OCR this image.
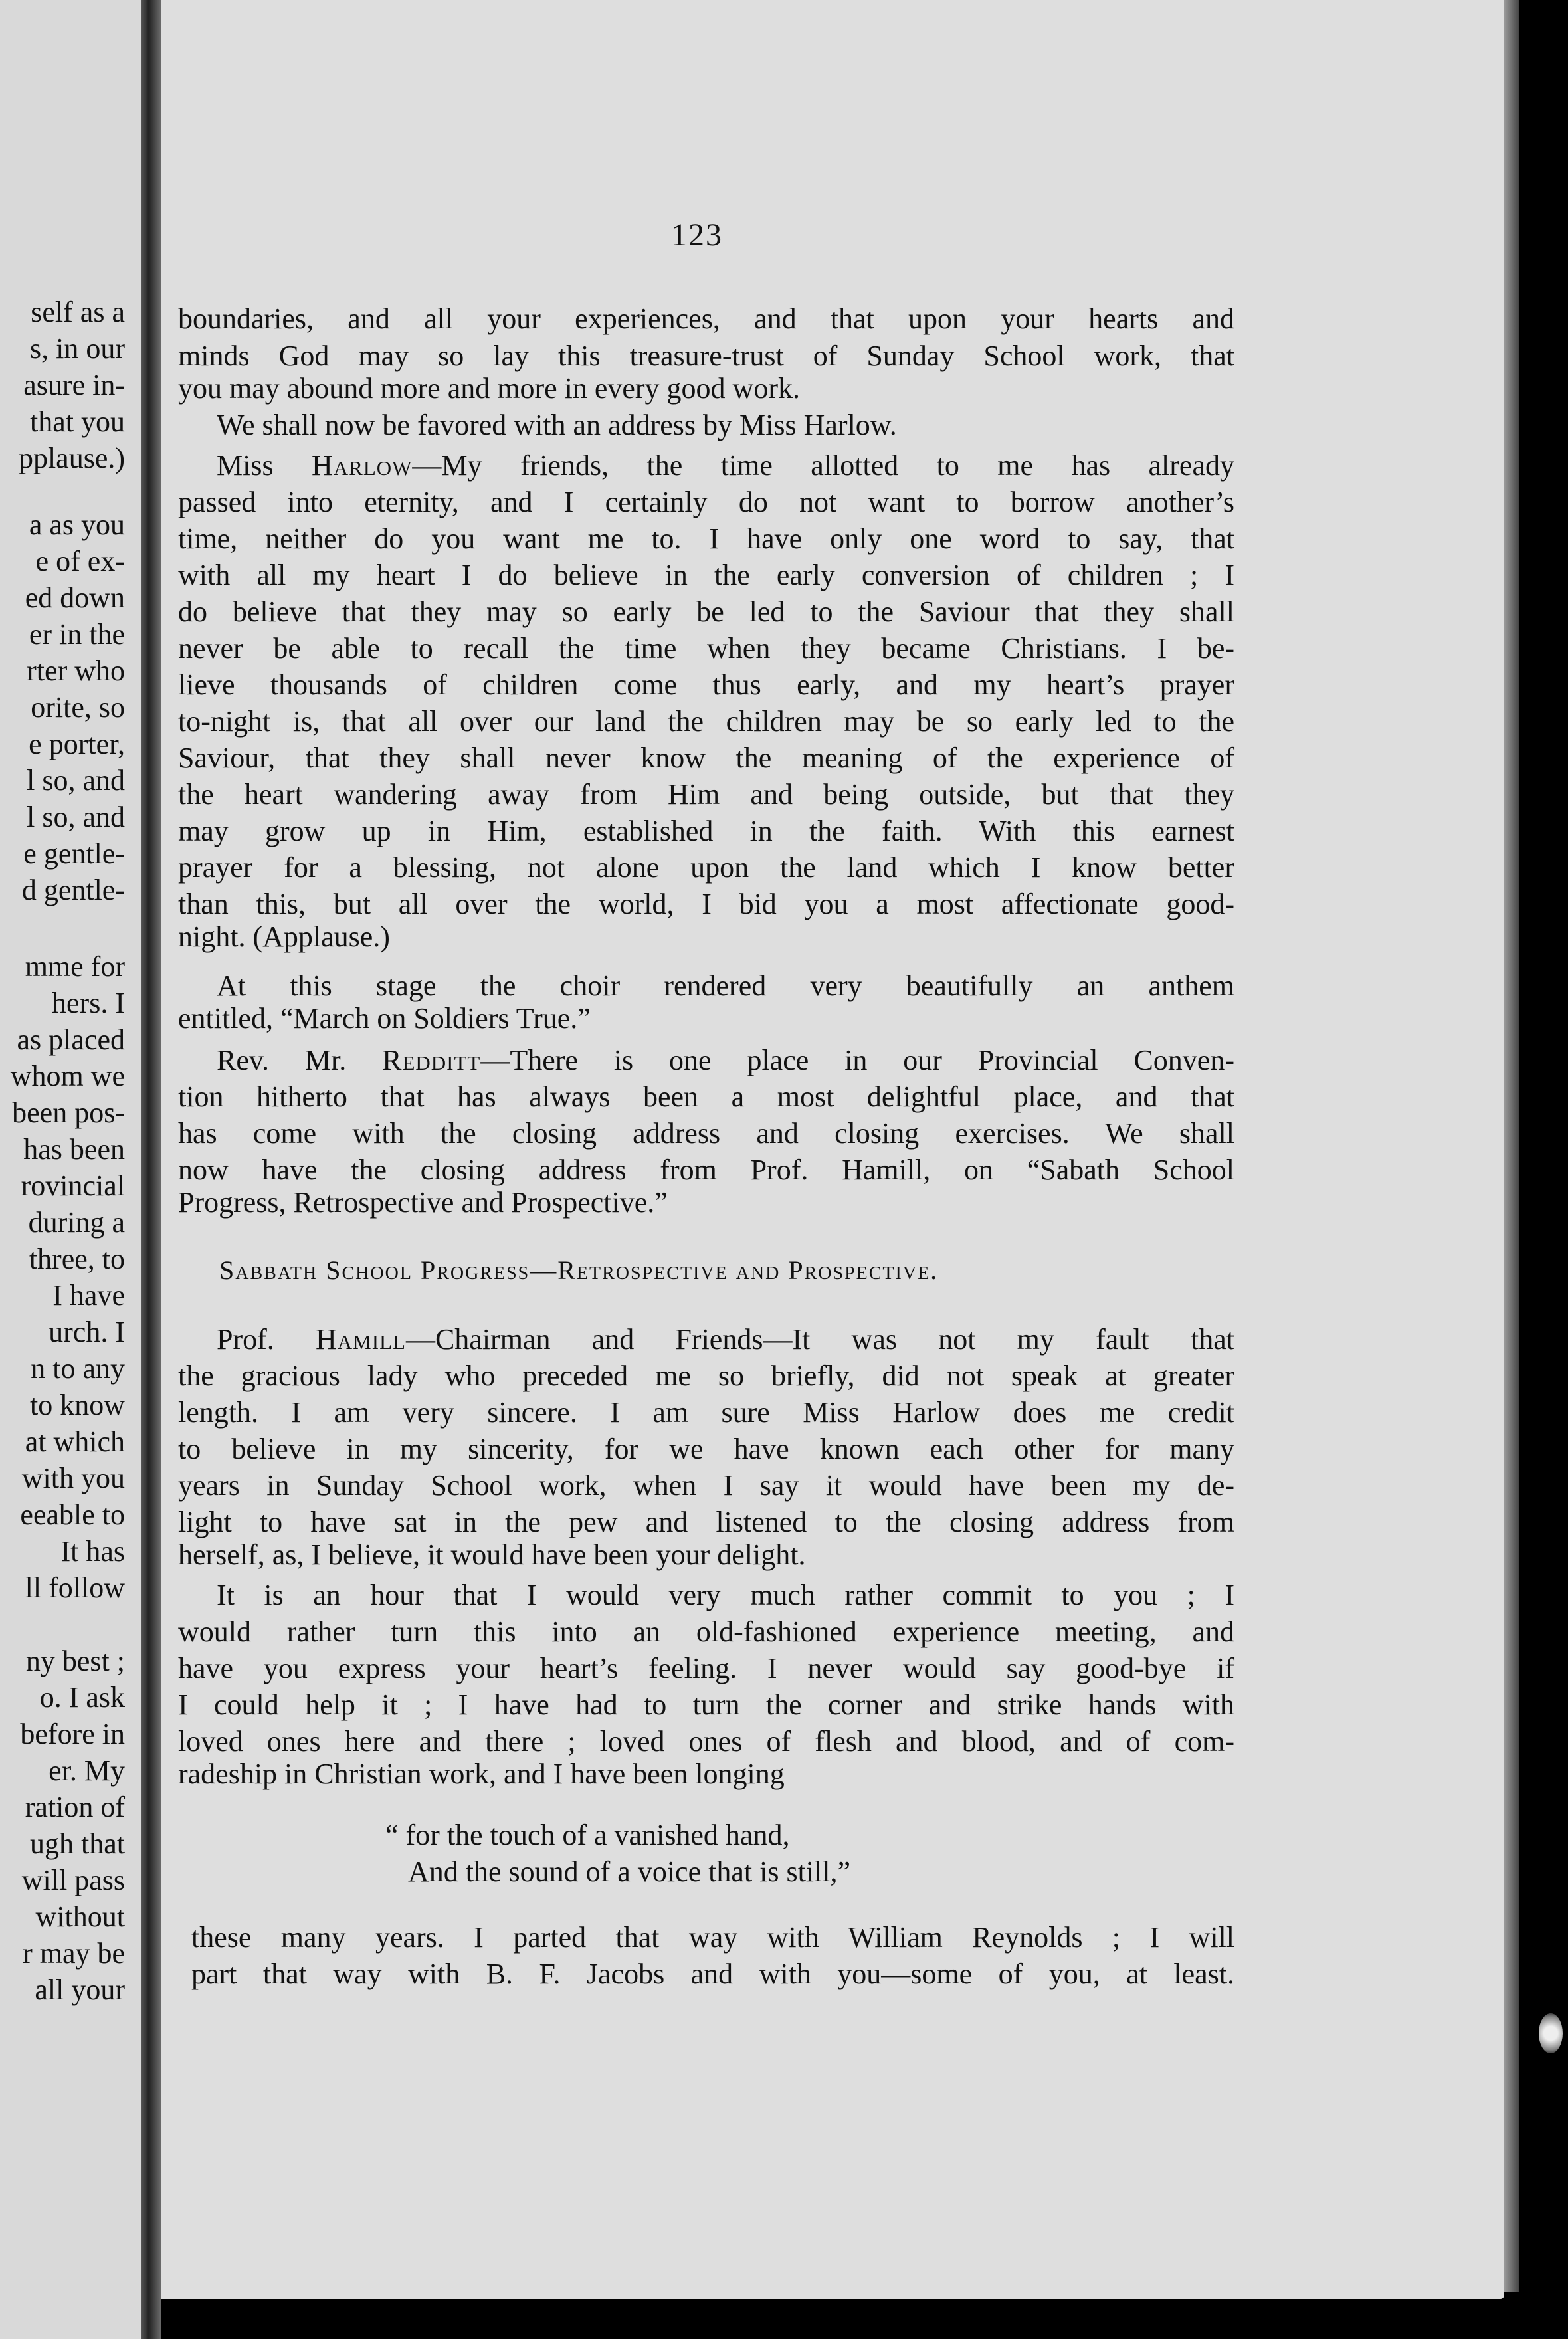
self as a
s, in our
asure in-
that you
pplause.)
a as you
e of ex-
ed down
er in the
rter who
orite, so
e porter,
l so, and
l so, and
e gentle-
d gentle-
mme for
hers. I
as placed
whom we
been pos-
has been
rovincial
during a
three, to
I have
urch. I
n to any
to know
at which
with you
eeable to
It has
ll follow
ny best ;
o. I ask
before in
er. My
ration of
ugh that
will pass
without
r may be
all your
123
boundaries, and all your experiences, and that upon your hearts and
minds God may so lay this treasure-trust of Sunday School work, that
you may abound more and more in every good work.
We shall now be favored with an address by Miss Harlow.
Miss Harlow—My friends, the time allotted to me has already
passed into eternity, and I certainly do not want to borrow another’s
time, neither do you want me to. I have only one word to say, that
with all my heart I do believe in the early conversion of children ; I
do believe that they may so early be led to the Saviour that they shall
never be able to recall the time when they became Christians. I be-
lieve thousands of children come thus early, and my heart’s prayer
to-night is, that all over our land the children may be so early led to the
Saviour, that they shall never know the meaning of the experience of
the heart wandering away from Him and being outside, but that they
may grow up in Him, established in the faith. With this earnest
prayer for a blessing, not alone upon the land which I know better
than this, but all over the world, I bid you a most affectionate good-
night. (Applause.)
At this stage the choir rendered very beautifully an anthem
entitled, “March on Soldiers True.”
Rev. Mr. Redditt—There is one place in our Provincial Conven-
tion hitherto that has always been a most delightful place, and that
has come with the closing address and closing exercises. We shall
now have the closing address from Prof. Hamill, on “Sabath School
Progress, Retrospective and Prospective.”
Sabbath School Progress—Retrospective and Prospective.
Prof. Hamill—Chairman and Friends—It was not my fault that
the gracious lady who preceded me so briefly, did not speak at greater
length. I am very sincere. I am sure Miss Harlow does me credit
to believe in my sincerity, for we have known each other for many
years in Sunday School work, when I say it would have been my de-
light to have sat in the pew and listened to the closing address from
herself, as, I believe, it would have been your delight.
It is an hour that I would very much rather commit to you ; I
would rather turn this into an old-fashioned experience meeting, and
have you express your heart’s feeling. I never would say good-bye if
I could help it ; I have had to turn the corner and strike hands with
loved ones here and there ; loved ones of flesh and blood, and of com-
radeship in Christian work, and I have been longing
“ for the touch of a vanished hand,
And the sound of a voice that is still,”
these many years. I parted that way with William Reynolds ; I will
part that way with B. F. Jacobs and with you—some of you, at least.
